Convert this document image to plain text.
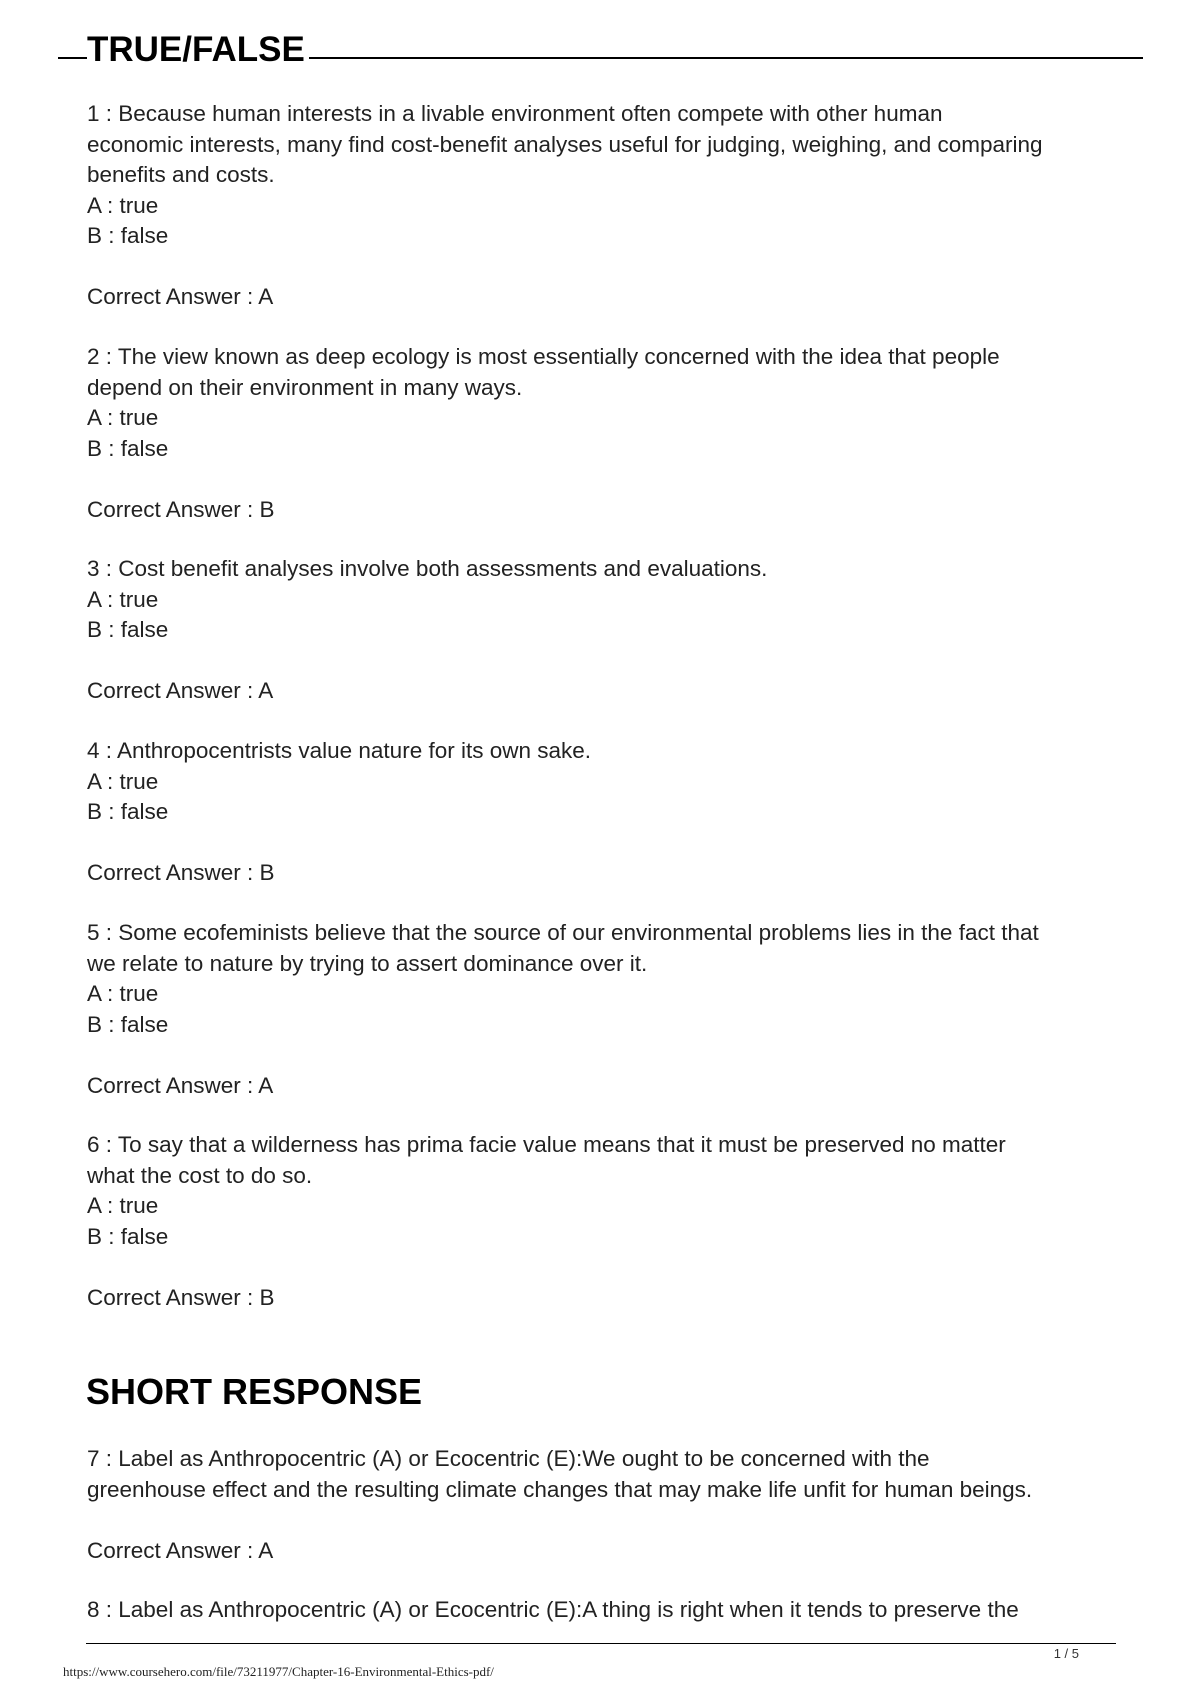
TRUE/FALSE
1 : Because human interests in a livable environment often compete with other human
economic interests, many find cost-benefit analyses useful for judging, weighing, and comparing
benefits and costs.
A : true
B : false
Correct Answer : A
2 : The view known as deep ecology is most essentially concerned with the idea that people
depend on their environment in many ways.
A : true
B : false
Correct Answer : B
3 : Cost benefit analyses involve both assessments and evaluations.
A : true
B : false
Correct Answer : A
4 : Anthropocentrists value nature for its own sake.
A : true
B : false
Correct Answer : B
5 : Some ecofeminists believe that the source of our environmental problems lies in the fact that
we relate to nature by trying to assert dominance over it.
A : true
B : false
Correct Answer : A
6 : To say that a wilderness has prima facie value means that it must be preserved no matter
what the cost to do so.
A : true
B : false
Correct Answer : B
SHORT RESPONSE
7 : Label as Anthropocentric (A) or Ecocentric (E):We ought to be concerned with the
greenhouse effect and the resulting climate changes that may make life unfit for human beings.
Correct Answer : A
8 : Label as Anthropocentric (A) or Ecocentric (E):A thing is right when it tends to preserve the
1 / 5
https://www.coursehero.com/file/73211977/Chapter-16-Environmental-Ethics-pdf/
